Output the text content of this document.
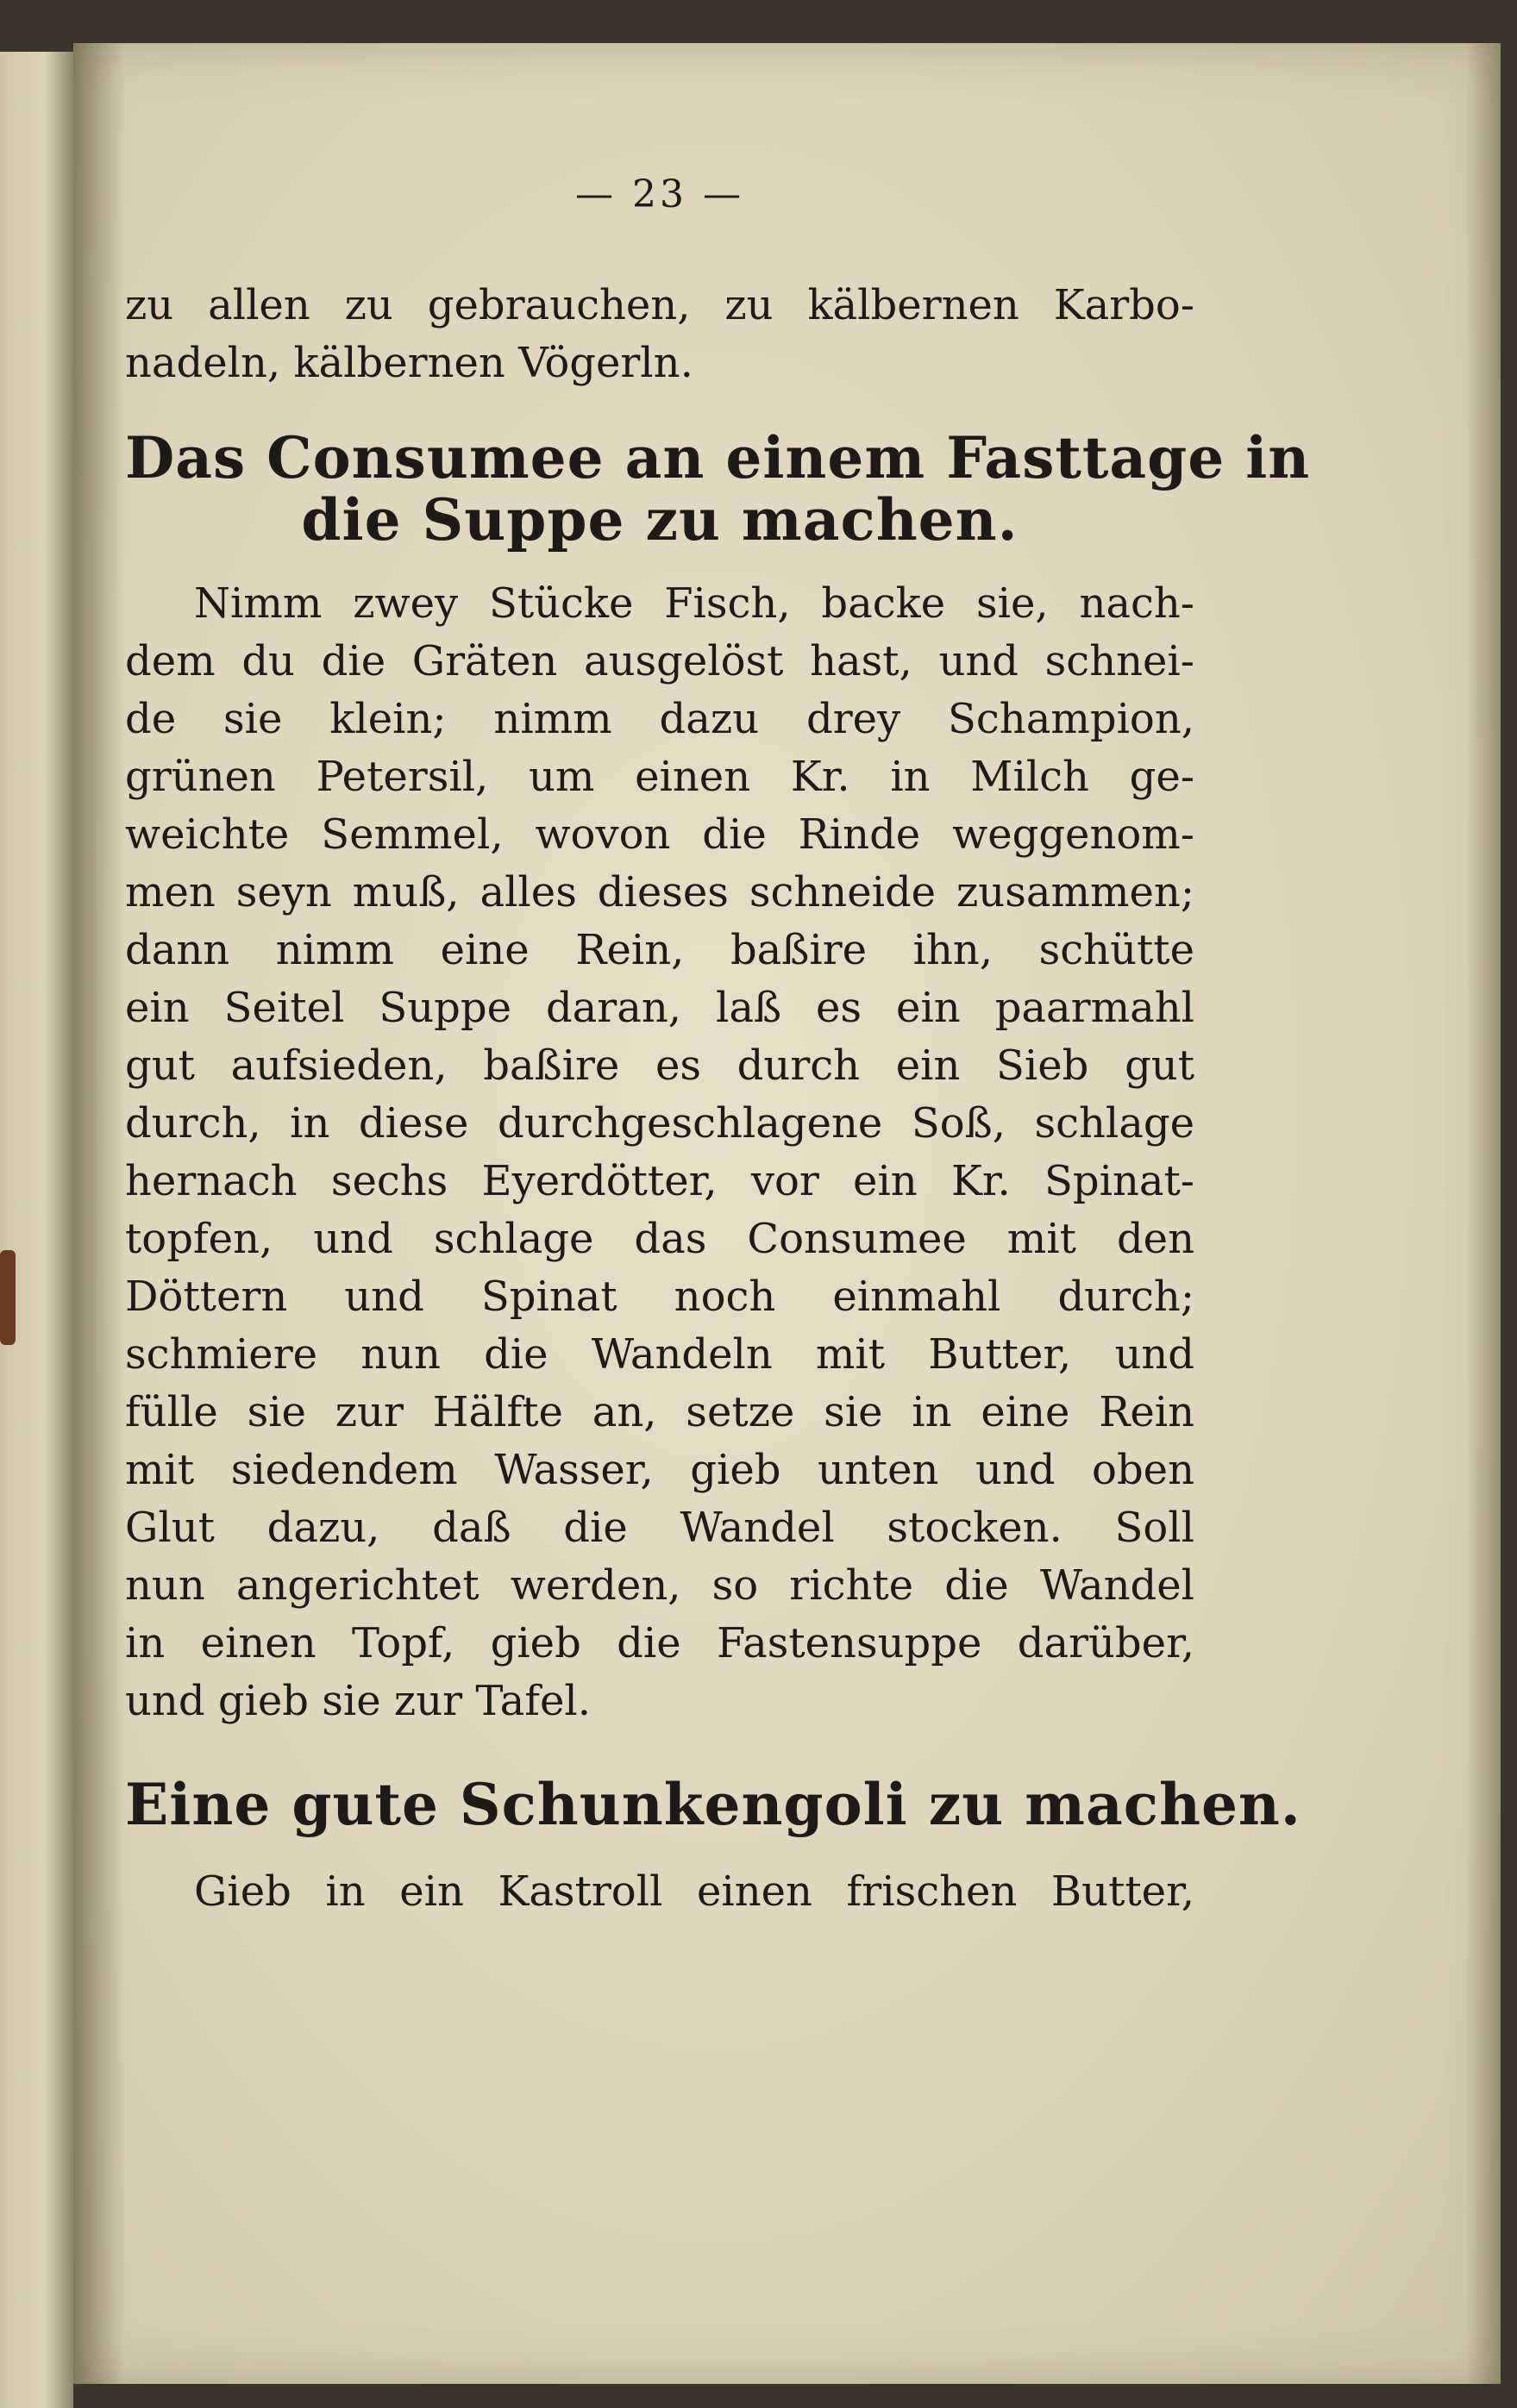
— 23 —
zu allen zu gebrauchen, zu kälbernen Karbo-
nadeln, kälbernen Vögerln.
Das Consumee an einem Fasttage in
die Suppe zu machen.
Nimm zwey Stücke Fisch, backe sie, nach-
dem du die Gräten ausgelöst hast, und schnei-
de sie klein; nimm dazu drey Schampion,
grünen Petersil, um einen Kr. in Milch ge-
weichte Semmel, wovon die Rinde weggenom-
men seyn muß, alles dieses schneide zusammen;
dann nimm eine Rein, baßire ihn, schütte
ein Seitel Suppe daran, laß es ein paarmahl
gut aufsieden, baßire es durch ein Sieb gut
durch, in diese durchgeschlagene Soß, schlage
hernach sechs Eyerdötter, vor ein Kr. Spinat-
topfen, und schlage das Consumee mit den
Döttern und Spinat noch einmahl durch;
schmiere nun die Wandeln mit Butter, und
fülle sie zur Hälfte an, setze sie in eine Rein
mit siedendem Wasser, gieb unten und oben
Glut dazu, daß die Wandel stocken. Soll
nun angerichtet werden, so richte die Wandel
in einen Topf, gieb die Fastensuppe darüber,
und gieb sie zur Tafel.
Eine gute Schunkengoli zu machen.
Gieb in ein Kastroll einen frischen Butter,
